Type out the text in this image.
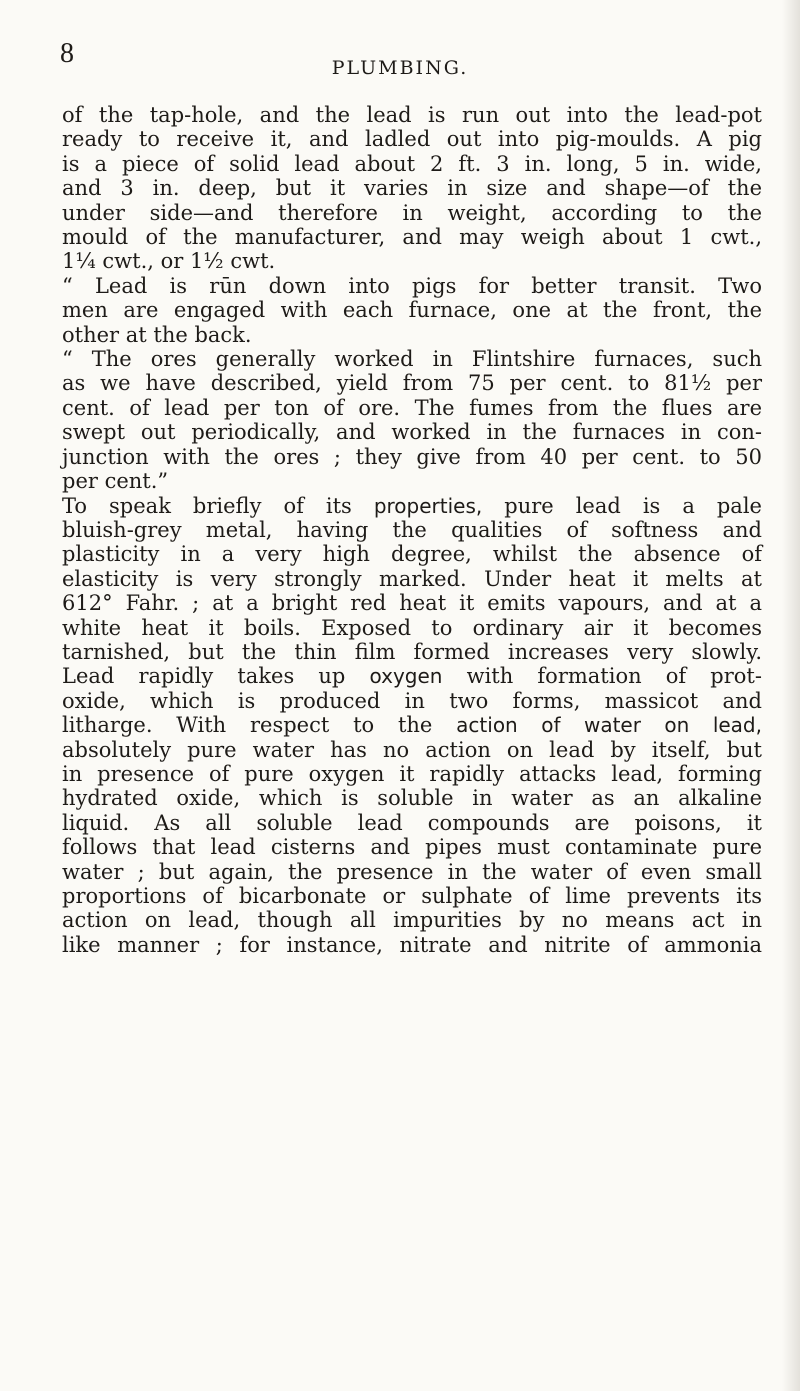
8	PLUMBING.
of the tap-hole, and the lead is run out into the lead-pot
ready to receive it, and ladled out into pig-moulds. A pig
is a piece of solid lead about 2 ft. 3 in. long, 5 in. wide,
and 3 in. deep, but it varies in size and shape—of the
under side—and therefore in weight, according to the
mould of the manufacturer, and may weigh about 1 cwt.,
1¼ cwt., or 1½ cwt.
“ Lead is rūn down into pigs for better transit. Two
men are engaged with each furnace, one at the front, the
other at the back.
“ The ores generally worked in Flintshire furnaces, such
as we have described, yield from 75 per cent. to 81½ per
cent. of lead per ton of ore. The fumes from the flues are
swept out periodically, and worked in the furnaces in con-
junction with the ores ; they give from 40 per cent. to 50
per cent.”
To speak briefly of its properties, pure lead is a pale
bluish-grey metal, having the qualities of softness and
plasticity in a very high degree, whilst the absence of
elasticity is very strongly marked. Under heat it melts at
612° Fahr. ; at a bright red heat it emits vapours, and at a
white heat it boils. Exposed to ordinary air it becomes
tarnished, but the thin film formed increases very slowly.
Lead rapidly takes up oxygen with formation of prot-
oxide, which is produced in two forms, massicot and
litharge. With respect to the action of water on lead,
absolutely pure water has no action on lead by itself, but
in presence of pure oxygen it rapidly attacks lead, forming
hydrated oxide, which is soluble in water as an alkaline
liquid. As all soluble lead compounds are poisons, it
follows that lead cisterns and pipes must contaminate pure
water ; but again, the presence in the water of even small
proportions of bicarbonate or sulphate of lime prevents its
action on lead, though all impurities by no means act in
like manner ; for instance, nitrate and nitrite of ammonia
